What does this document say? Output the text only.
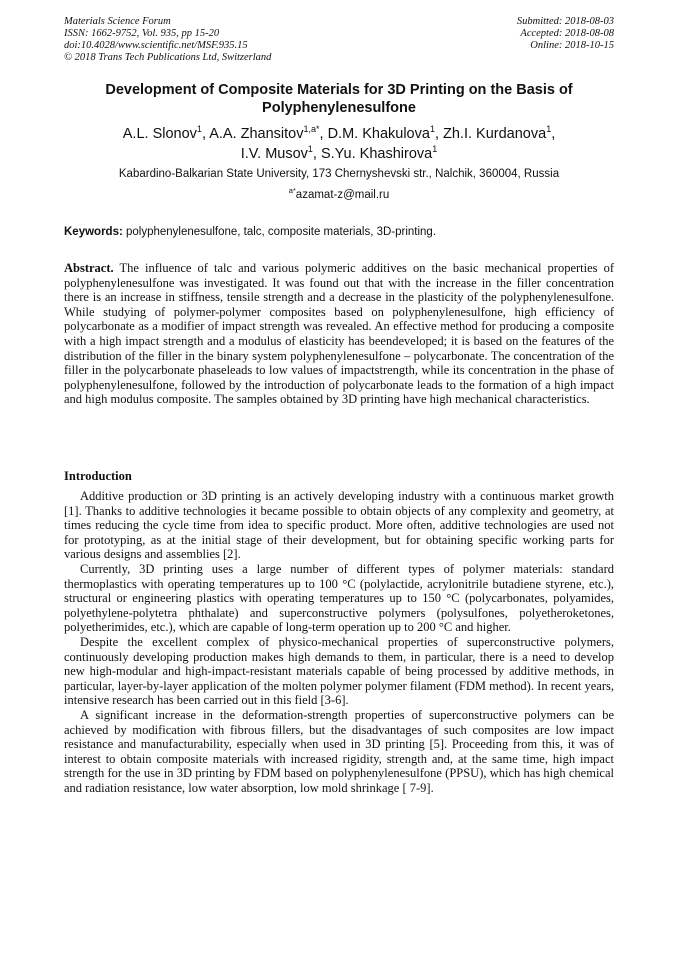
Materials Science Forum
ISSN: 1662-9752, Vol. 935, pp 15-20
doi:10.4028/www.scientific.net/MSF.935.15
© 2018 Trans Tech Publications Ltd, Switzerland
Submitted: 2018-08-03
Accepted: 2018-08-08
Online: 2018-10-15
Development of Composite Materials for 3D Printing on the Basis of Polyphenylenesulfone
A.L. Slonov$^1$, A.A. Zhansitov$^{1,a*}$, D.M. Khakulova$^1$, Zh.I. Kurdanova$^1$,
I.V. Musov$^1$, S.Yu. Khashirova$^1$
Kabardino-Balkarian State University, 173 Chernyshevski str., Nalchik, 360004, Russia
$^{a*}$azamat-z@mail.ru
Keywords: polyphenylenesulfone, talc, composite materials, 3D-printing.
Abstract. The influence of talc and various polymeric additives on the basic mechanical properties of polyphenylenesulfone was investigated. It was found out that with the increase in the filler concentration there is an increase in stiffness, tensile strength and a decrease in the plasticity of the polyphenylenesulfone. While studying of polymer-polymer composites based on polyphenylenesulfone, high efficiency of polycarbonate as a modifier of impact strength was revealed. An effective method for producing a composite with a high impact strength and a modulus of elasticity has beendeveloped; it is based on the features of the distribution of the filler in the binary system polyphenylenesulfone – polycarbonate. The concentration of the filler in the polycarbonate phaseleads to low values of impactstrength, while its concentration in the phase of polyphenylenesulfone, followed by the introduction of polycarbonate leads to the formation of a high impact and high modulus composite. The samples obtained by 3D printing have high mechanical characteristics.
Introduction

Additive production or 3D printing is an actively developing industry with a continuous market growth [1]. Thanks to additive technologies it became possible to obtain objects of any complexity and geometry, at times reducing the cycle time from idea to specific product. More often, additive technologies are used not for prototyping, as at the initial stage of their development, but for obtaining specific working parts for various designs and assemblies [2].

Currently, 3D printing uses a large number of different types of polymer materials: standard thermoplastics with operating temperatures up to 100 °C (polylactide, acrylonitrile butadiene styrene, etc.), structural or engineering plastics with operating temperatures up to 150 °C (polycarbonates, polyamides, polyethylene-polytetra phthalate) and superconstructive polymers (polysulfones, polyetheroketones, polyetherimides, etc.), which are capable of long-term operation up to 200 °C and higher.

Despite the excellent complex of physico-mechanical properties of superconstructive polymers, continuously developing production makes high demands to them, in particular, there is a need to develop new high-modular and high-impact-resistant materials capable of being processed by additive methods, in particular, layer-by-layer application of the molten polymer polymer filament (FDM method). In recent years, intensive research has been carried out in this field [3-6].

A significant increase in the deformation-strength properties of superconstructive polymers can be achieved by modification with fibrous fillers, but the disadvantages of such composites are low impact resistance and manufacturability, especially when used in 3D printing [5]. Proceeding from this, it was of interest to obtain composite materials with increased rigidity, strength and, at the same time, high impact strength for the use in 3D printing by FDM based on polyphenylenesulfone (PPSU), which has high chemical and radiation resistance, low water absorption, low mold shrinkage [ 7-9].
